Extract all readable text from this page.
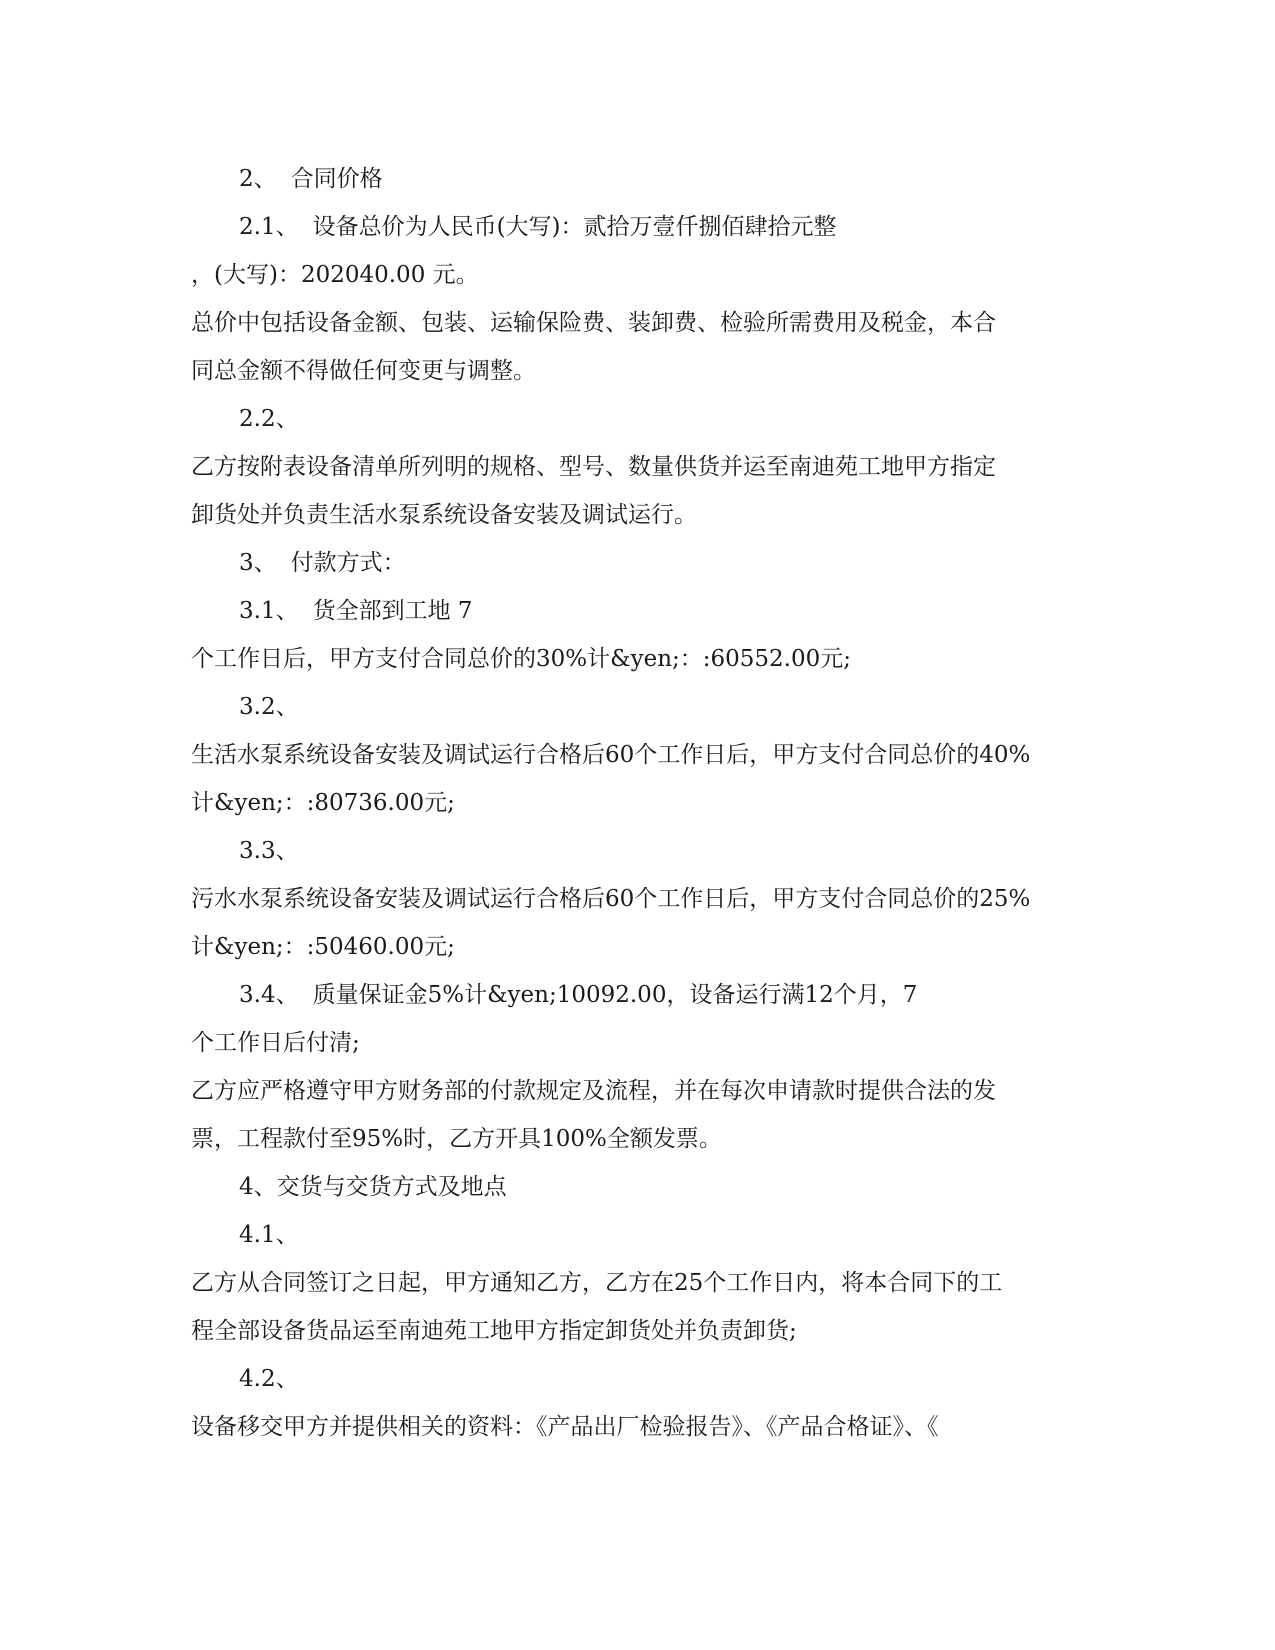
2、 合同价格
2.1、 设备总价为人民币(大写)：贰拾万壹仟捌佰肆拾元整
，(大写)：202040.00 元。
总价中包括设备金额、包装、运输保险费、装卸费、检验所需费用及税金，本合
同总金额不得做任何变更与调整。
2.2、
乙方按附表设备清单所列明的规格、型号、数量供货并运至南迪苑工地甲方指定
卸货处并负责生活水泵系统设备安装及调试运行。
3、 付款方式：
3.1、 货全部到工地 7
个工作日后，甲方支付合同总价的30%计&yen;：:60552.00元;
3.2、
生活水泵系统设备安装及调试运行合格后60个工作日后，甲方支付合同总价的40%
计&yen;：:80736.00元;
3.3、
污水水泵系统设备安装及调试运行合格后60个工作日后，甲方支付合同总价的25%
计&yen;：:50460.00元;
3.4、 质量保证金5%计&yen;10092.00，设备运行满12个月，7
个工作日后付清;
乙方应严格遵守甲方财务部的付款规定及流程，并在每次申请款时提供合法的发
票，工程款付至95%时，乙方开具100%全额发票。
4、交货与交货方式及地点
4.1、
乙方从合同签订之日起，甲方通知乙方，乙方在25个工作日内，将本合同下的工
程全部设备货品运至南迪苑工地甲方指定卸货处并负责卸货;
4.2、
设备移交甲方并提供相关的资料：《产品出厂检验报告》、《产品合格证》、《
